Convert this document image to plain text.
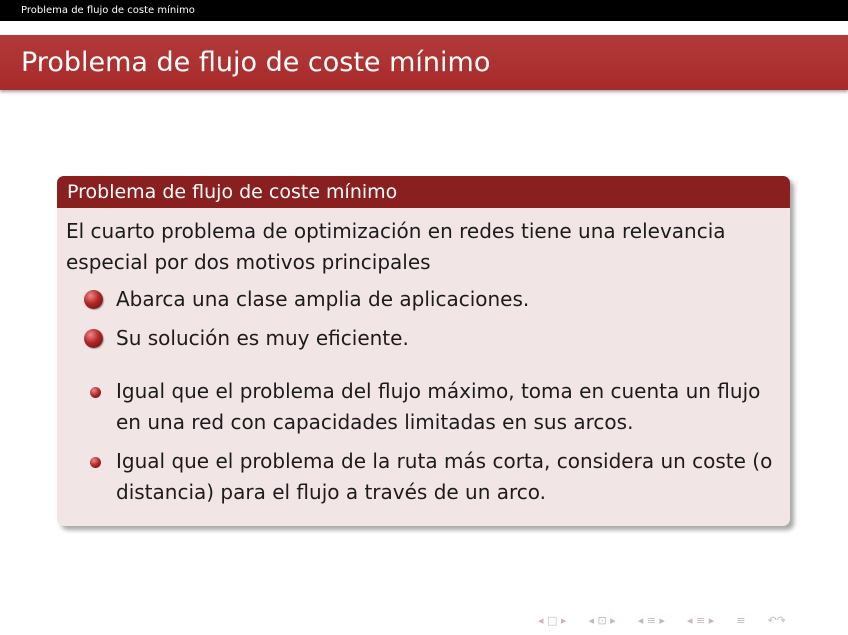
Problema de flujo de coste mínimo
Problema de flujo de coste mínimo
Problema de flujo de coste mínimo

El cuarto problema de optimización en redes tiene una relevancia especial por dos motivos principales

Abarca una clase amplia de aplicaciones.
Su solución es muy eficiente.
Igual que el problema del flujo máximo, toma en cuenta un flujo en una red con capacidades limitadas en sus arcos.
Igual que el problema de la ruta más corta, considera un coste (o distancia) para el flujo a través de un arco.
◂ □ ▸ ◂ ⊡ ▸ ◂ ≡ ▸ ◂ ≡ ▸ ≡ ↶↷
